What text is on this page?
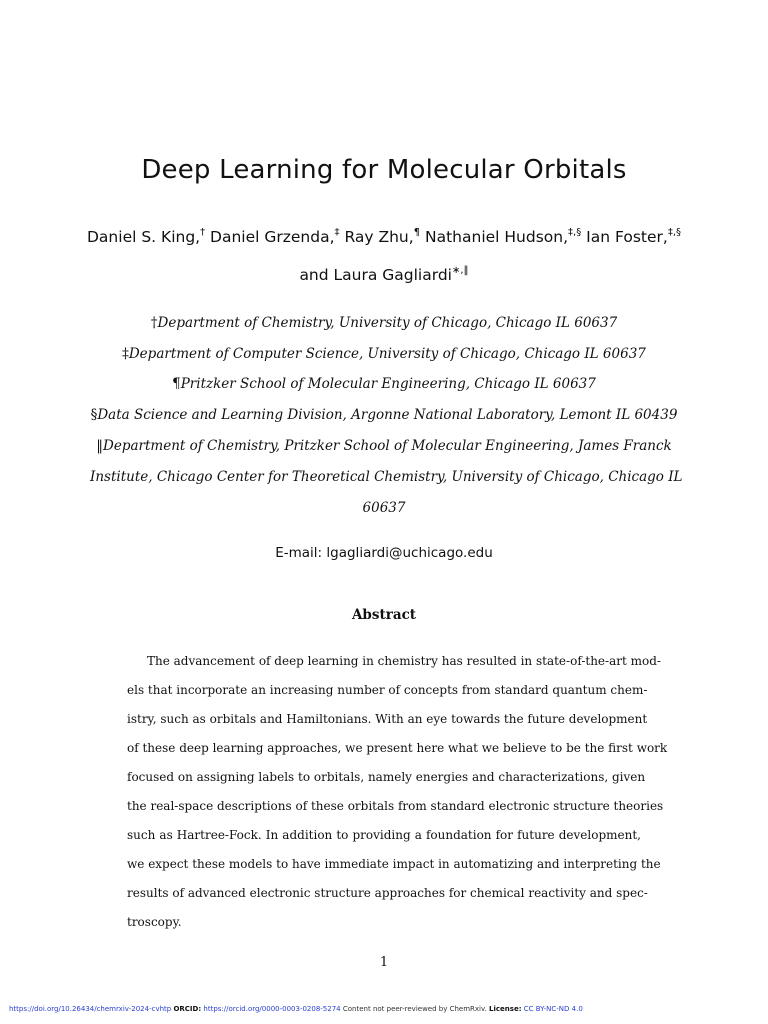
Deep Learning for Molecular Orbitals
Daniel S. King,† Daniel Grzenda,‡ Ray Zhu,¶ Nathaniel Hudson,‡,§ Ian Foster,‡,§
and Laura Gagliardi∗,‖
†Department of Chemistry, University of Chicago, Chicago IL 60637
‡Department of Computer Science, University of Chicago, Chicago IL 60637
¶Pritzker School of Molecular Engineering, Chicago IL 60637
§Data Science and Learning Division, Argonne National Laboratory, Lemont IL 60439
‖Department of Chemistry, Pritzker School of Molecular Engineering, James Franck
Institute, Chicago Center for Theoretical Chemistry, University of Chicago, Chicago IL
60637
E-mail: lgagliardi@uchicago.edu
Abstract
The advancement of deep learning in chemistry has resulted in state-of-the-art mod-
els that incorporate an increasing number of concepts from standard quantum chem-
istry, such as orbitals and Hamiltonians. With an eye towards the future development
of these deep learning approaches, we present here what we believe to be the first work
focused on assigning labels to orbitals, namely energies and characterizations, given
the real-space descriptions of these orbitals from standard electronic structure theories
such as Hartree-Fock. In addition to providing a foundation for future development,
we expect these models to have immediate impact in automatizing and interpreting the
results of advanced electronic structure approaches for chemical reactivity and spec-
troscopy.
1
https://doi.org/10.26434/chemrxiv-2024-cvhtp ORCID: https://orcid.org/0000-0003-0208-5274 Content not peer-reviewed by ChemRxiv. License: CC BY-NC-ND 4.0
